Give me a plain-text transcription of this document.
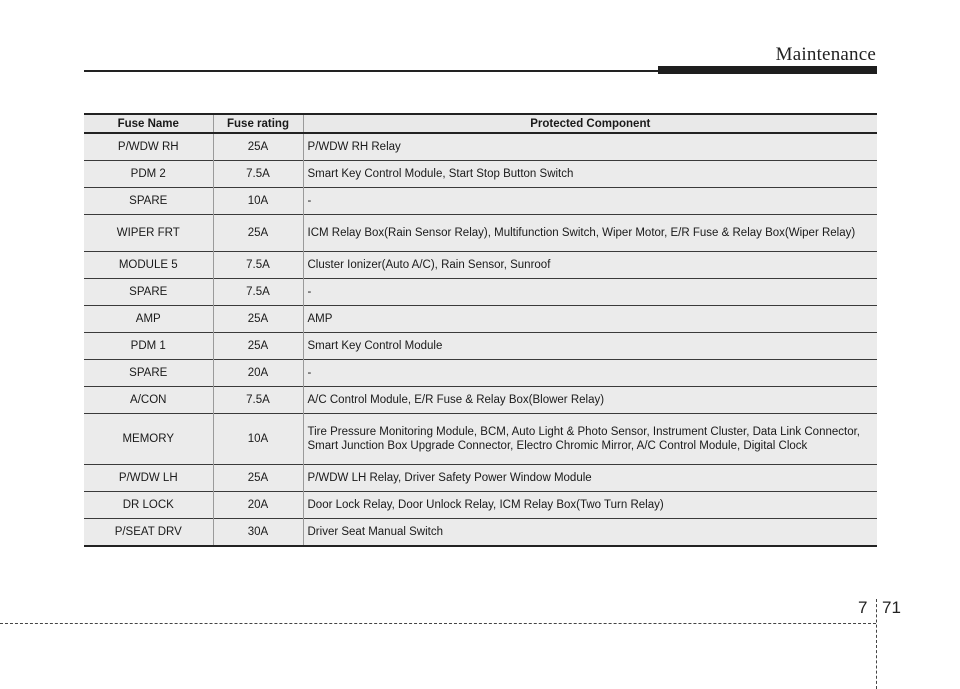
Maintenance
Fuse Name	Fuse rating	Protected Component
P/WDW RH	25A	P/WDW RH Relay
PDM 2	7.5A	Smart Key Control Module, Start Stop Button Switch
SPARE	10A	-
WIPER FRT	25A	ICM Relay Box(Rain Sensor Relay), Multifunction Switch, Wiper Motor, E/R Fuse & Relay Box(Wiper Relay)
MODULE 5	7.5A	Cluster Ionizer(Auto A/C), Rain Sensor, Sunroof
SPARE	7.5A	-
AMP	25A	AMP
PDM 1	25A	Smart Key Control Module
SPARE	20A	-
A/CON	7.5A	A/C Control Module, E/R Fuse & Relay Box(Blower Relay)
MEMORY	10A	Tire Pressure Monitoring Module, BCM, Auto Light & Photo Sensor, Instrument Cluster, Data Link Connector, Smart Junction Box Upgrade Connector, Electro Chromic Mirror, A/C Control Module, Digital Clock
P/WDW LH	25A	P/WDW LH Relay, Driver Safety Power Window Module
DR LOCK	20A	Door Lock Relay, Door Unlock Relay, ICM Relay Box(Two Turn Relay)
P/SEAT DRV	30A	Driver Seat Manual Switch
7 71
